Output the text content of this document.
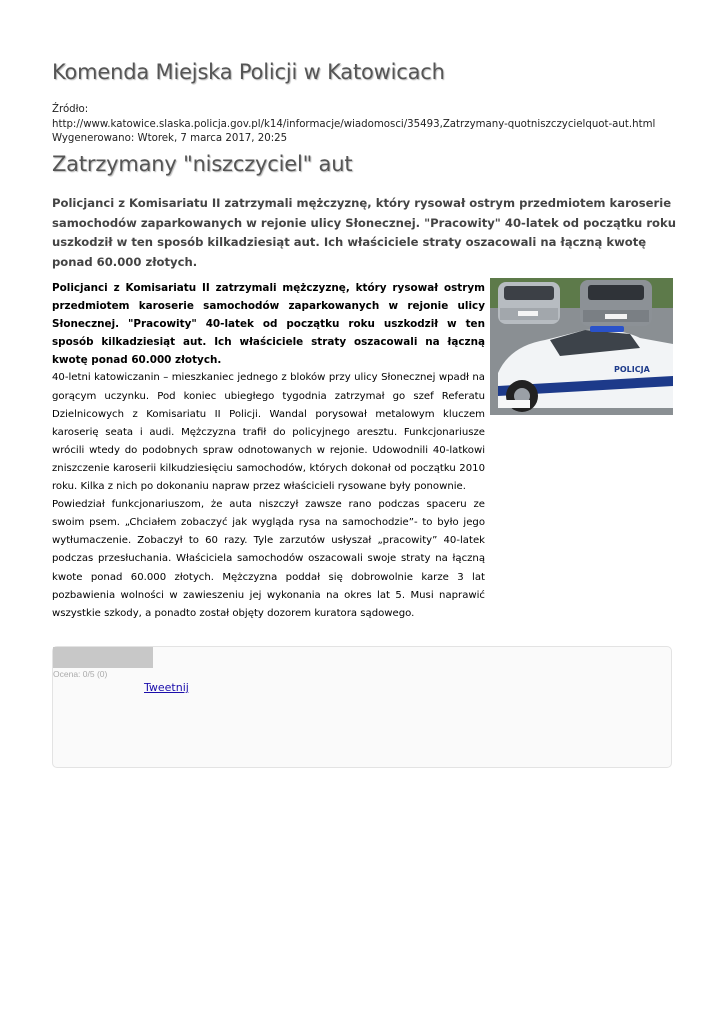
Komenda Miejska Policji w Katowicach
Źródło:
http://www.katowice.slaska.policja.gov.pl/k14/informacje/wiadomosci/35493,Zatrzymany-quotniszczycielquot-aut.html
Wygenerowano: Wtorek, 7 marca 2017, 20:25
Zatrzymany "niszczyciel" aut

Policjanci z Komisariatu II zatrzymali mężczyznę, który rysował ostrym przedmiotem karoserie samochodów zaparkowanych w rejonie ulicy Słonecznej. "Pracowity" 40-latek od początku roku uszkodził w ten sposób kilkadziesiąt aut. Ich właściciele straty oszacowali na łączną kwotę ponad 60.000 złotych.

POLICJA

Policjanci z Komisariatu II zatrzymali mężczyznę, który rysował ostrym przedmiotem karoserie samochodów zaparkowanych w rejonie ulicy Słonecznej. "Pracowity" 40-latek od początku roku uszkodził w ten sposób kilkadziesiąt aut. Ich właściciele straty oszacowali na łączną kwotę ponad 60.000 złotych.

40-letni katowiczanin – mieszkaniec jednego z bloków przy ulicy Słonecznej wpadł na gorącym uczynku. Pod koniec ubiegłego tygodnia zatrzymał go szef Referatu Dzielnicowych z Komisariatu II Policji. Wandal porysował metalowym kluczem karoserię seata i audi. Mężczyzna trafił do policyjnego aresztu. Funkcjonariusze wrócili wtedy do podobnych spraw odnotowanych w rejonie. Udowodnili 40-latkowi zniszczenie karoserii kilkudziesięciu samochodów, których dokonał od początku 2010 roku. Kilka z nich po dokonaniu napraw przez właścicieli rysowane były ponownie.

Powiedział funkcjonariuszom, że auta niszczył zawsze rano podczas spaceru ze swoim psem. „Chciałem zobaczyć jak wygląda rysa na samochodzie”- to było jego wytłumaczenie. Zobaczył to 60 razy. Tyle zarzutów usłyszał „pracowity” 40-latek podczas przesłuchania. Właściciela samochodów oszacowali swoje straty na łączną kwote ponad 60.000 złotych. Mężczyzna poddał się dobrowolnie karze 3 lat pozbawienia wolności w zawieszeniu jej wykonania na okres lat 5. Musi naprawić wszystkie szkody, a ponadto został objęty dozorem kuratora sądowego.

Ocena: 0/5 (0)
Tweetnij
